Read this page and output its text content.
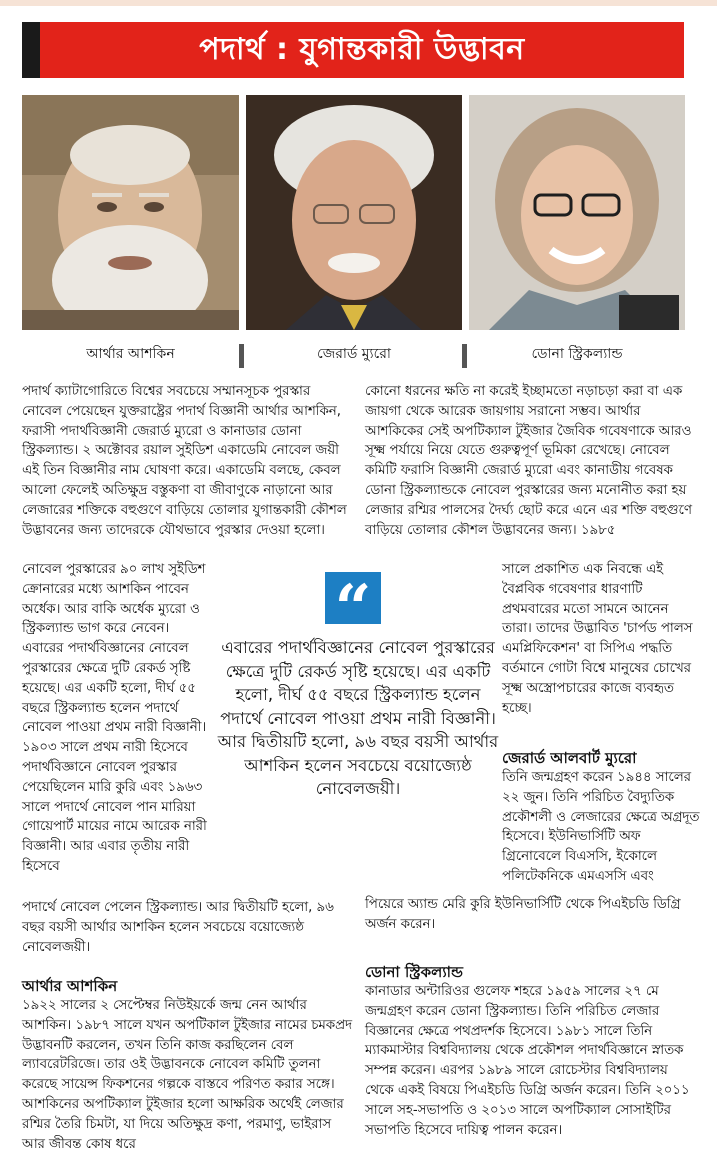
পদার্থ : যুগান্তকারী উদ্ভাবন
আর্থার আশকিন	জেরার্ড ম্যুরো	ডোনা স্ট্রিকল্যান্ড

পদার্থ ক্যাটাগোরিতে বিশ্বের সবচেয়ে সম্মানসূচক পুরস্কার নোবেল পেয়েছেন যুক্তরাষ্ট্রের পদার্থ বিজ্ঞানী আর্থার আশকিন, ফরাসী পদার্থবিজ্ঞানী জেরার্ড ম্যুরো ও কানাডার ডোনা স্ট্রিকল্যান্ড। ২ অক্টোবর রয়াল সুইডিশ একাডেমি নোবেল জয়ী এই তিন বিজ্ঞানীর নাম ঘোষণা করে। একাডেমি বলছে, কেবল আলো ফেলেই অতিক্ষুদ্র বস্তুকণা বা জীবাণুকে নাড়ানো আর লেজারের শক্তিকে বহুগুণে বাড়িয়ে তোলার যুগান্তকারী কৌশল উদ্ভাবনের জন্য তাদেরকে যৌথভাবে পুরস্কার দেওয়া হলো।

নোবেল পুরস্কারের ৯০ লাখ সুইডিশ ক্রোনারের মধ্যে আশকিন পাবেন অর্ধেক। আর বাকি অর্ধেক ম্যুরো ও স্ট্রিকল্যান্ড ভাগ করে নেবেন। এবারের পদার্থবিজ্ঞানের নোবেল পুরস্কারের ক্ষেত্রে দুটি রেকর্ড সৃষ্টি হয়েছে। এর একটি হলো, দীর্ঘ ৫৫ বছরে স্ট্রিকল্যান্ড হলেন পদার্থে নোবেল পাওয়া প্রথম নারী বিজ্ঞানী। ১৯০৩ সালে প্রথম নারী হিসেবে পদার্থবিজ্ঞানে নোবেল পুরস্কার পেয়েছিলেন মারি কুরি এবং ১৯৬৩ সালে পদার্থে নোবেল পান মারিয়া গোয়েপার্ট মায়ের নামে আরেক নারী বিজ্ঞানী। আর এবার তৃতীয় নারী হিসেবে

পদার্থে নোবেল পেলেন স্ট্রিকল্যান্ড। আর দ্বিতীয়টি হলো, ৯৬ বছর বয়সী আর্থার আশকিন হলেন সবচেয়ে বয়োজ্যেষ্ঠ নোবেলজয়ী।

আর্থার আশকিন

১৯২২ সালের ২ সেপ্টেম্বর নিউইয়র্কে জন্ম নেন আর্থার আশকিন। ১৯৮৭ সালে যখন অপটিকাল টুইজার নামের চমকপ্রদ উদ্ভাবনটি করলেন, তখন তিনি কাজ করছিলেন বেল ল্যাবরেটরিজে। তার ওই উদ্ভাবনকে নোবেল কমিটি তুলনা করেছে সায়েন্স ফিকশনের গল্পকে বাস্তবে পরিণত করার সঙ্গে। আশকিনের অপটিক্যাল টুইজার হলো আক্ষরিক অর্থেই লেজার রশ্মির তৈরি চিমটা, যা দিয়ে অতিক্ষুদ্র কণা, পরমাণু, ভাইরাস আর জীবন্ত কোষ ধরে

কোনো ধরনের ক্ষতি না করেই ইচ্ছামতো নড়াচড়া করা বা এক জায়গা থেকে আরেক জায়গায় সরানো সম্ভব। আর্থার আশকিকের সেই অপটিক্যাল টুইজার জৈবিক গবেষণাকে আরও সূক্ষ্ম পর্যায়ে নিয়ে যেতে গুরুত্বপূর্ণ ভূমিকা রেখেছে। নোবেল কমিটি ফরাসি বিজ্ঞানী জেরার্ড ম্যুরো এবং কানাডীয় গবেষক ডোনা স্ট্রিকল্যান্ডকে নোবেল পুরস্কারের জন্য মনোনীত করা হয় লেজার রশ্মির পালসের দৈর্ঘ্য ছোট করে এনে এর শক্তি বহুগুণে বাড়িয়ে তোলার কৌশল উদ্ভাবনের জন্য। ১৯৮৫

সালে প্রকাশিত এক নিবন্ধে এই বৈপ্লবিক গবেষণার ধারণাটি প্রথমবারের মতো সামনে আনেন তারা। তাদের উদ্ভাবিত 'চার্পড পালস এমপ্লিফিকেশন' বা সিপিএ পদ্ধতি বর্তমানে গোটা বিশ্বে মানুষের চোখের সূক্ষ্ম অস্ত্রোপচারের কাজে ব্যবহৃত হচ্ছে।

জেরার্ড আলবার্ট ম্যুরো

তিনি জন্মগ্রহণ করেন ১৯৪৪ সালের ২২ জুন। তিনি পরিচিত বৈদ্যুতিক প্রকৌশলী ও লেজারের ক্ষেত্রে অগ্রদূত হিসেবে। ইউনিভার্সিটি অফ গ্রিনোবেলে বিএসসি, ইকোলে পলিটেকনিকে এমএসসি এবং

পিয়েরে অ্যান্ড মেরি কুরি ইউনিভার্সিটি থেকে পিএইচডি ডিগ্রি অর্জন করেন।

ডোনা স্ট্রিকল্যান্ড

কানাডার অন্টারিওর গুলেফ শহরে ১৯৫৯ সালের ২৭ মে জন্মগ্রহণ করেন ডোনা স্ট্রিকল্যান্ড। তিনি পরিচিত লেজার বিজ্ঞানের ক্ষেত্রে পথপ্রদর্শক হিসেবে। ১৯৮১ সালে তিনি ম্যাকমাস্টার বিশ্ববিদ্যালয় থেকে প্রকৌশল পদার্থবিজ্ঞানে স্নাতক সম্পন্ন করেন। এরপর ১৯৮৯ সালে রোচেস্টার বিশ্ববিদ্যালয় থেকে একই বিষয়ে পিএইচডি ডিগ্রি অর্জন করেন। তিনি ২০১১ সালে সহ-সভাপতি ও ২০১৩ সালে অপটিক্যাল সোসাইটির সভাপতি হিসেবে দায়িত্ব পালন করেন।

“

এবারের পদার্থবিজ্ঞানের নোবেল পুরস্কারের ক্ষেত্রে দুটি রেকর্ড সৃষ্টি হয়েছে। এর একটি হলো, দীর্ঘ ৫৫ বছরে স্ট্রিকল্যান্ড হলেন পদার্থে নোবেল পাওয়া প্রথম নারী বিজ্ঞানী। আর দ্বিতীয়টি হলো, ৯৬ বছর বয়সী আর্থার আশকিন হলেন সবচেয়ে বয়োজ্যেষ্ঠ নোবেলজয়ী।
